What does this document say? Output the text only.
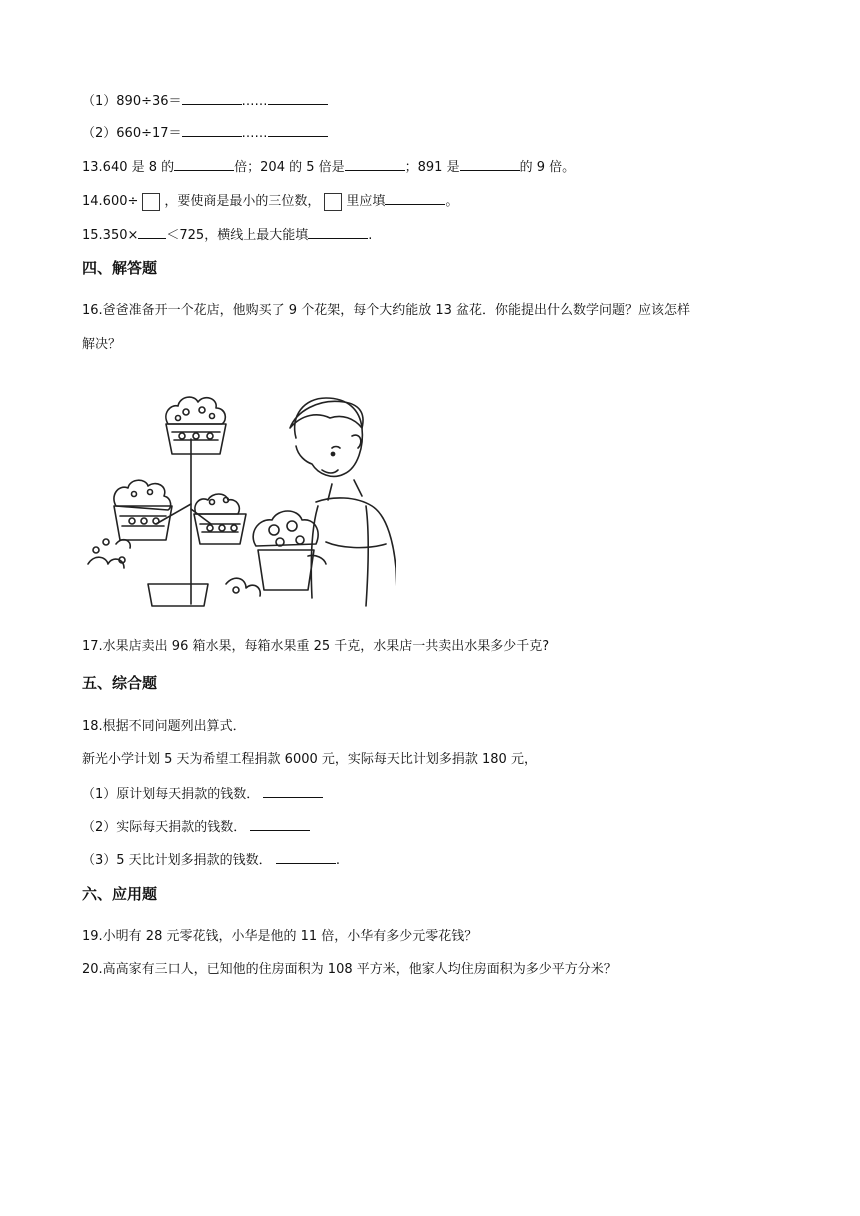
（1）890÷36＝	……
（2）660÷17＝	……
13.640 是 8 的	倍；204 的 5 倍是	；891 是	的 9 倍。
14.600÷ ，要使商是最小的三位数， 里应填	。
15.350× ＜725，横线上最大能填	.
四、解答题
16.爸爸准备开一个花店，他购买了 9 个花架，每个大约能放 13 盆花．你能提出什么数学问题？应该怎样
解决？
17.水果店卖出 96 箱水果，每箱水果重 25 千克，水果店一共卖出水果多少千克?
五、综合题
18.根据不同问题列出算式．
新光小学计划 5 天为希望工程捐款 6000 元，实际每天比计划多捐款 180 元，
（1）原计划每天捐款的钱数．
（2）实际每天捐款的钱数．
（3）5 天比计划多捐款的钱数．	.
六、应用题
19.小明有 28 元零花钱，小华是他的 11 倍，小华有多少元零花钱？
20.高高家有三口人，已知他的住房面积为 108 平方米，他家人均住房面积为多少平方分米？
